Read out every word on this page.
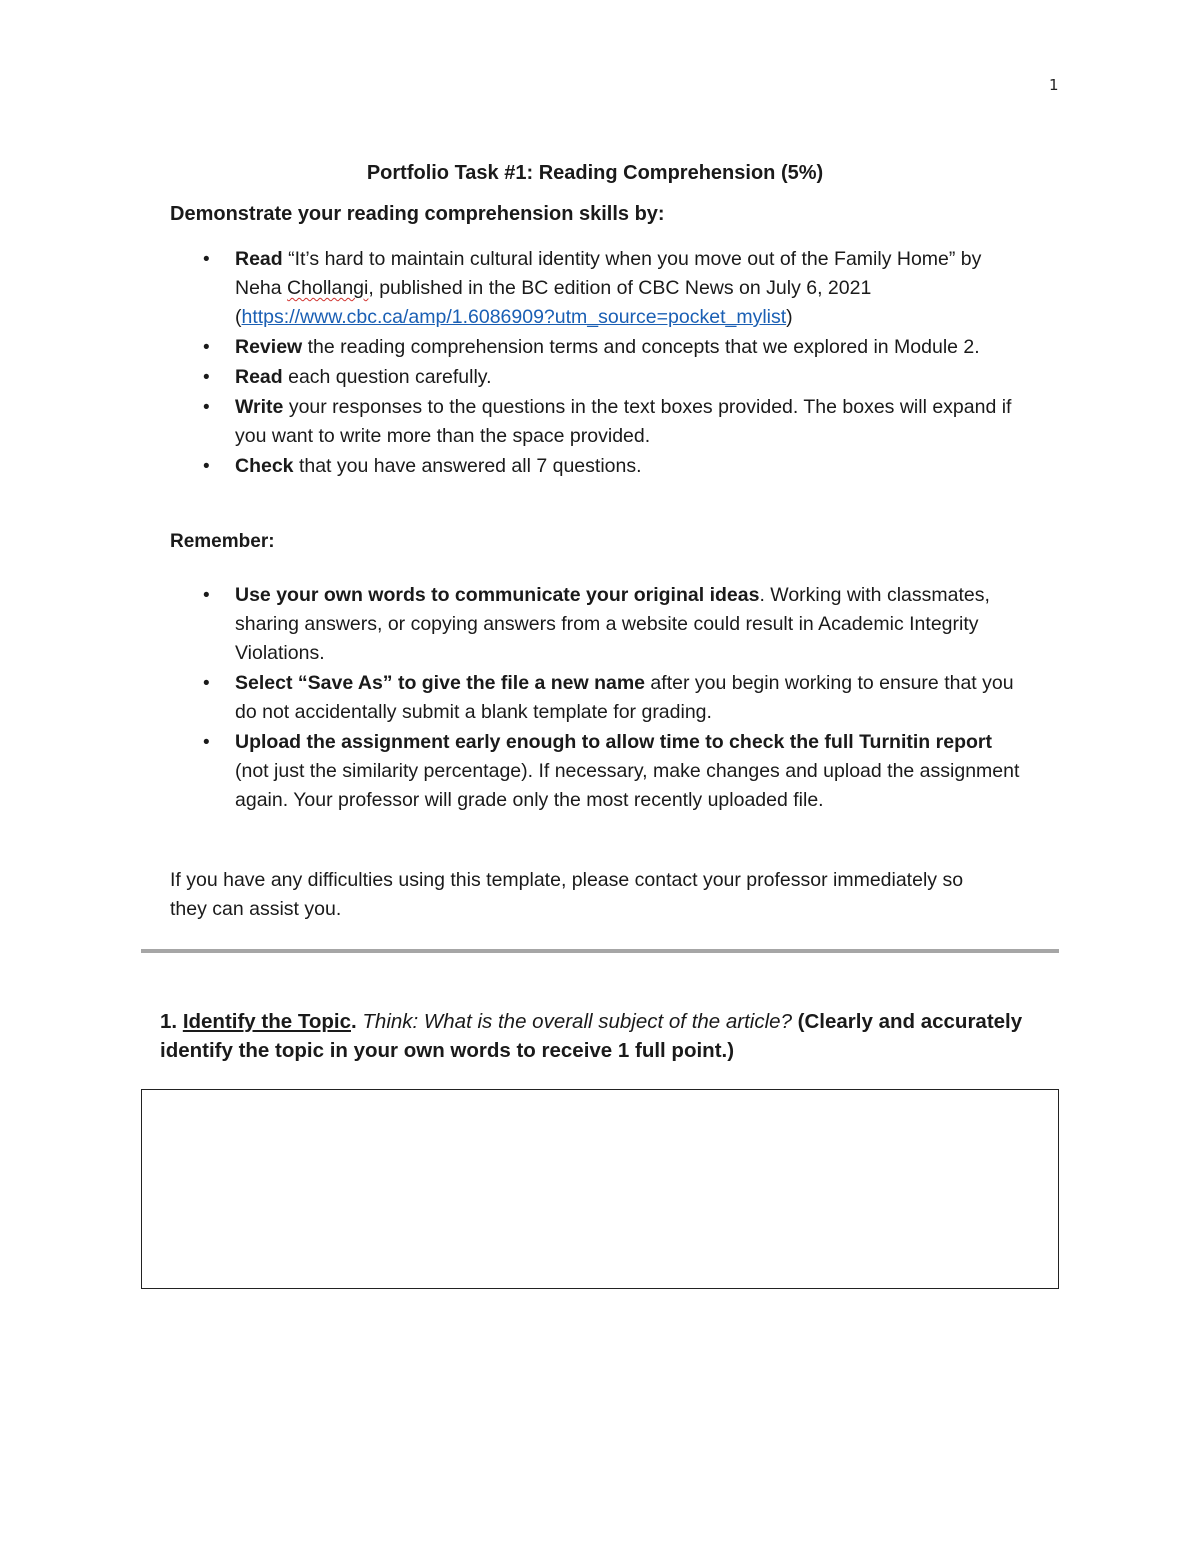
1
Portfolio Task #1: Reading Comprehension (5%)
Demonstrate your reading comprehension skills by:
• Read “It’s hard to maintain cultural identity when you move out of the Family Home” by Neha Chollangi, published in the BC edition of CBC News on July 6, 2021 (https://www.cbc.ca/amp/1.6086909?utm_source=pocket_mylist)
• Review the reading comprehension terms and concepts that we explored in Module 2.
• Read each question carefully.
• Write your responses to the questions in the text boxes provided. The boxes will expand if you want to write more than the space provided.
• Check that you have answered all 7 questions.
Remember:
• Use your own words to communicate your original ideas. Working with classmates, sharing answers, or copying answers from a website could result in Academic Integrity Violations.
• Select “Save As” to give the file a new name after you begin working to ensure that you do not accidentally submit a blank template for grading.
• Upload the assignment early enough to allow time to check the full Turnitin report (not just the similarity percentage). If necessary, make changes and upload the assignment again. Your professor will grade only the most recently uploaded file.
If you have any difficulties using this template, please contact your professor immediately so they can assist you.
1. Identify the Topic. Think: What is the overall subject of the article? (Clearly and accurately identify the topic in your own words to receive 1 full point.)
